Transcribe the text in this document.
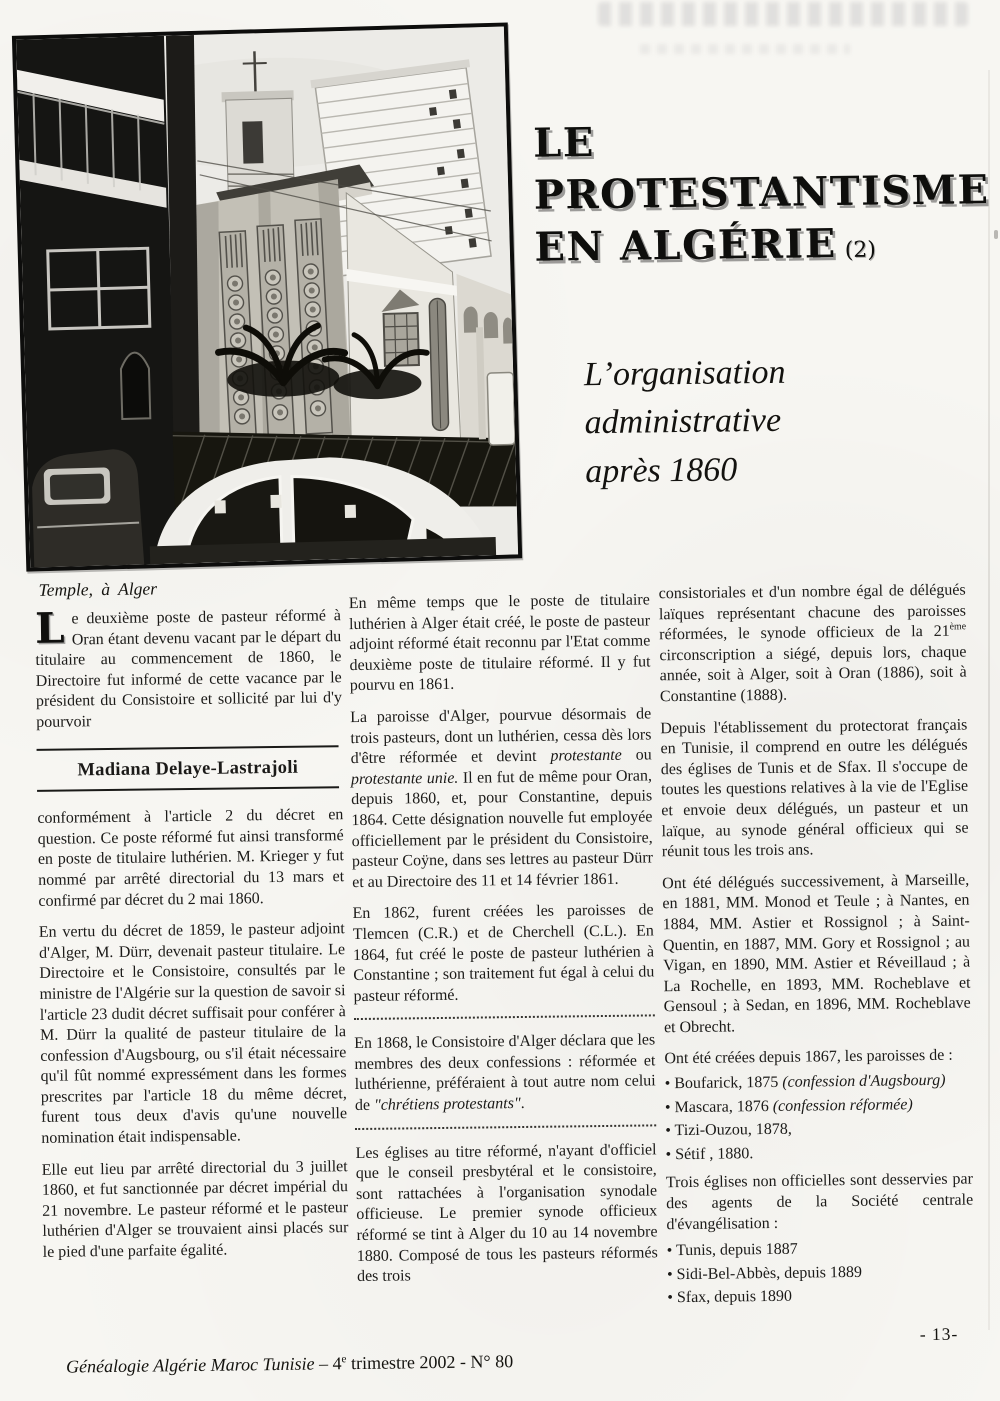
Temple, à Alger
LE
PROTESTANTISME
EN ALGÉRIE (2)
L’organisation
administrative
après 1860

Le deuxième poste de pasteur réformé à Oran étant devenu vacant par le départ du titulaire au commencement de 1860, le Directoire fut informé de cette vacance par le président du Consistoire et sollicité par lui d'y pourvoir

Madiana Delaye-Lastrajoli

conformément à l'article 2 du décret en question. Ce poste réformé fut ainsi transformé en poste de titulaire luthérien. M. Krieger y fut nommé par arrêté directorial du 13 mars et confirmé par décret du 2 mai 1860.

En vertu du décret de 1859, le pasteur adjoint d'Alger, M. Dürr, devenait pasteur titulaire. Le Directoire et le Consistoire, consultés par le ministre de l'Algérie sur la question de savoir si l'article 23 dudit décret suffisait pour conférer à M. Dürr la qualité de pasteur titulaire de la confession d'Augsbourg, ou s'il était nécessaire qu'il fût nommé expressément dans les formes prescrites par l'article 18 du même décret, furent tous deux d'avis qu'une nouvelle nomination était indispensable.

Elle eut lieu par arrêté directorial du 3 juillet 1860, et fut sanctionnée par décret impérial du 21 novembre. Le pasteur réformé et le pasteur luthérien d'Alger se trouvaient ainsi placés sur le pied d'une parfaite égalité.

En même temps que le poste de titulaire luthérien à Alger était créé, le poste de pasteur adjoint réformé était reconnu par l'Etat comme deuxième poste de titulaire réformé. Il y fut pourvu en 1861.

La paroisse d'Alger, pourvue désormais de trois pasteurs, dont un luthérien, cessa dès lors d'être réformée et devint protestante ou protestante unie. Il en fut de même pour Oran, depuis 1860, et, pour Constantine, depuis 1864. Cette désignation nouvelle fut employée officiellement par le président du Consistoire, pasteur Coÿne, dans ses lettres au pasteur Dürr et au Directoire des 11 et 14 février 1861.

En 1862, furent créées les paroisses de Tlemcen (C.R.) et de Cherchell (C.L.). En 1864, fut créé le poste de pasteur luthérien à Constantine ; son traitement fut égal à celui du pasteur réformé.

En 1868, le Consistoire d'Alger déclara que les membres des deux confessions : réformée et luthérienne, préféraient à tout autre nom celui de "chrétiens protestants".

Les églises au titre réformé, n'ayant d'officiel que le conseil presbytéral et le consistoire, sont rattachées à l'organisation synodale officieuse. Le premier synode officieux réformé se tint à Alger du 10 au 14 novembre 1880. Composé de tous les pasteurs réformés des trois

consistoriales et d'un nombre égal de délégués laïques représentant chacune des paroisses réformées, le synode officieux de la 21ème circonscription a siégé, depuis lors, chaque année, soit à Alger, soit à Oran (1886), soit à Constantine (1888).

Depuis l'établissement du protectorat français en Tunisie, il comprend en outre les délégués des églises de Tunis et de Sfax. Il s'occupe de toutes les questions relatives à la vie de l'Eglise et envoie deux délégués, un pasteur et un laïque, au synode général officieux qui se réunit tous les trois ans.

Ont été délégués successivement, à Marseille, en 1881, MM. Monod et Teule ; à Nantes, en 1884, MM. Astier et Rossignol ; à Saint-Quentin, en 1887, MM. Gory et Rossignol ; au Vigan, en 1890, MM. Astier et Réveillaud ; à La Rochelle, en 1893, MM. Rocheblave et Gensoul ; à Sedan, en 1896, MM. Rocheblave et Obrecht.

Ont été créées depuis 1867, les paroisses de :

• Boufarick, 1875 (confession d'Augsbourg)

• Mascara, 1876 (confession réformée)

• Tizi-Ouzou, 1878,

• Sétif , 1880.

Trois églises non officielles sont desservies par des agents de la Société centrale d'évangélisation :

• Tunis, depuis 1887

• Sidi-Bel-Abbès, depuis 1889

• Sfax, depuis 1890

- 13-
Généalogie Algérie Maroc Tunisie – 4e trimestre 2002 - N° 80
